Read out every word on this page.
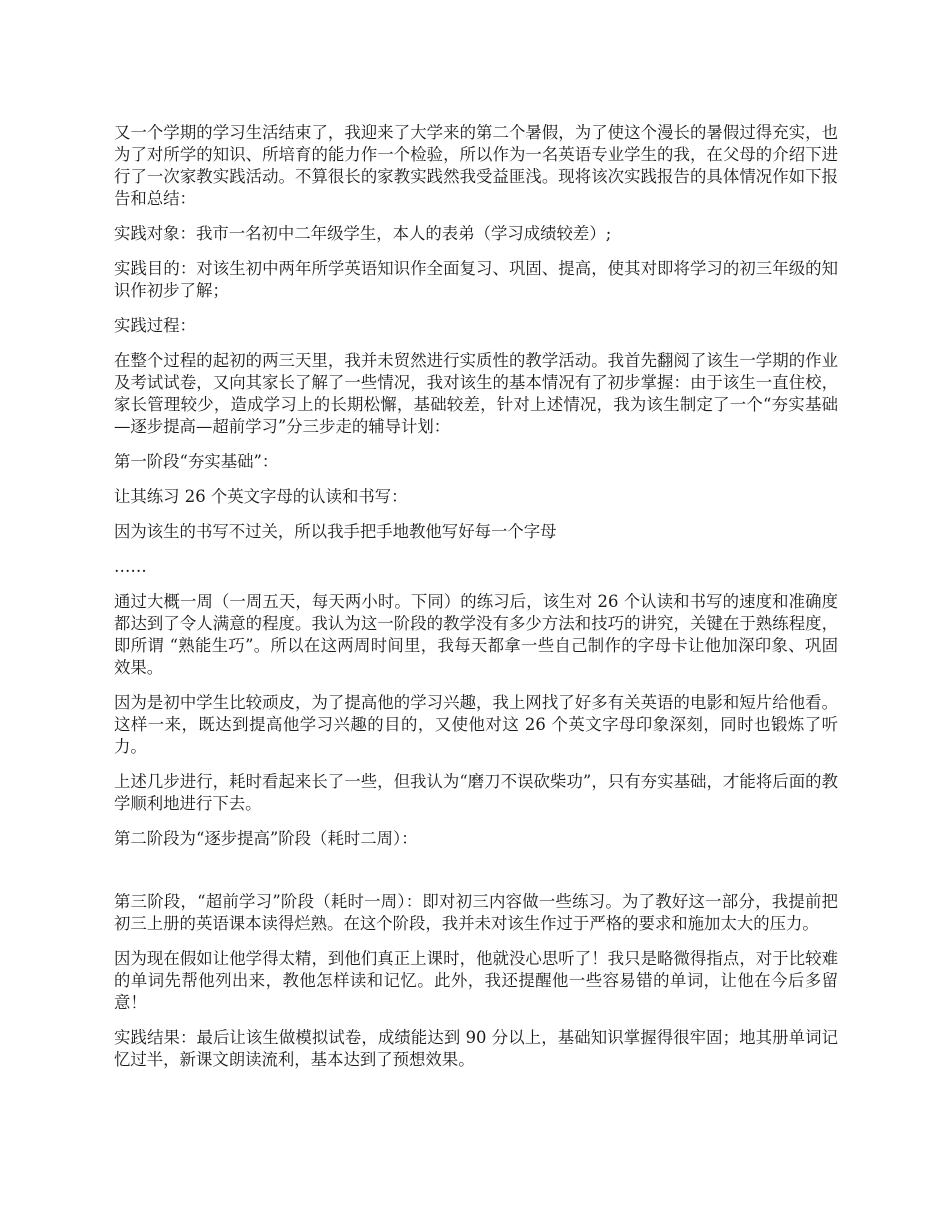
又一个学期的学习生活结束了，我迎来了大学来的第二个暑假，为了使这个漫长的暑假过得充实，也为了对所学的知识、所培育的能力作一个检验，所以作为一名英语专业学生的我，在父母的介绍下进行了一次家教实践活动。不算很长的家教实践然我受益匪浅。现将该次实践报告的具体情况作如下报告和总结：

实践对象：我市一名初中二年级学生，本人的表弟（学习成绩较差）;

实践目的：对该生初中两年所学英语知识作全面复习、巩固、提高，使其对即将学习的初三年级的知识作初步了解；

实践过程：

在整个过程的起初的两三天里，我并未贸然进行实质性的教学活动。我首先翻阅了该生一学期的作业及考试试卷，又向其家长了解了一些情况，我对该生的基本情况有了初步掌握：由于该生一直住校，家长管理较少，造成学习上的长期松懈，基础较差，针对上述情况，我为该生制定了一个“夯实基础—逐步提高—超前学习”分三步走的辅导计划：

第一阶段“夯实基础”：

让其练习 26 个英文字母的认读和书写：

因为该生的书写不过关，所以我手把手地教他写好每一个字母

……

通过大概一周（一周五天，每天两小时。下同）的练习后，该生对 26 个认读和书写的速度和准确度都达到了令人满意的程度。我认为这一阶段的教学没有多少方法和技巧的讲究，关键在于熟练程度，即所谓 “熟能生巧”。所以在这两周时间里，我每天都拿一些自己制作的字母卡让他加深印象、巩固效果。

因为是初中学生比较顽皮，为了提高他的学习兴趣，我上网找了好多有关英语的电影和短片给他看。这样一来，既达到提高他学习兴趣的目的，又使他对这 26 个英文字母印象深刻，同时也锻炼了听力。

上述几步进行，耗时看起来长了一些，但我认为“磨刀不误砍柴功”，只有夯实基础，才能将后面的教学顺利地进行下去。

第二阶段为“逐步提高”阶段（耗时二周）：

第三阶段，“超前学习”阶段（耗时一周）：即对初三内容做一些练习。为了教好这一部分，我提前把初三上册的英语课本读得烂熟。在这个阶段，我并未对该生作过于严格的要求和施加太大的压力。

因为现在假如让他学得太精，到他们真正上课时，他就没心思听了！我只是略微得指点，对于比较难的单词先帮他列出来，教他怎样读和记忆。此外，我还提醒他一些容易错的单词，让他在今后多留意！

实践结果：最后让该生做模拟试卷，成绩能达到 90 分以上，基础知识掌握得很牢固；地其册单词记忆过半，新课文朗读流利，基本达到了预想效果。
